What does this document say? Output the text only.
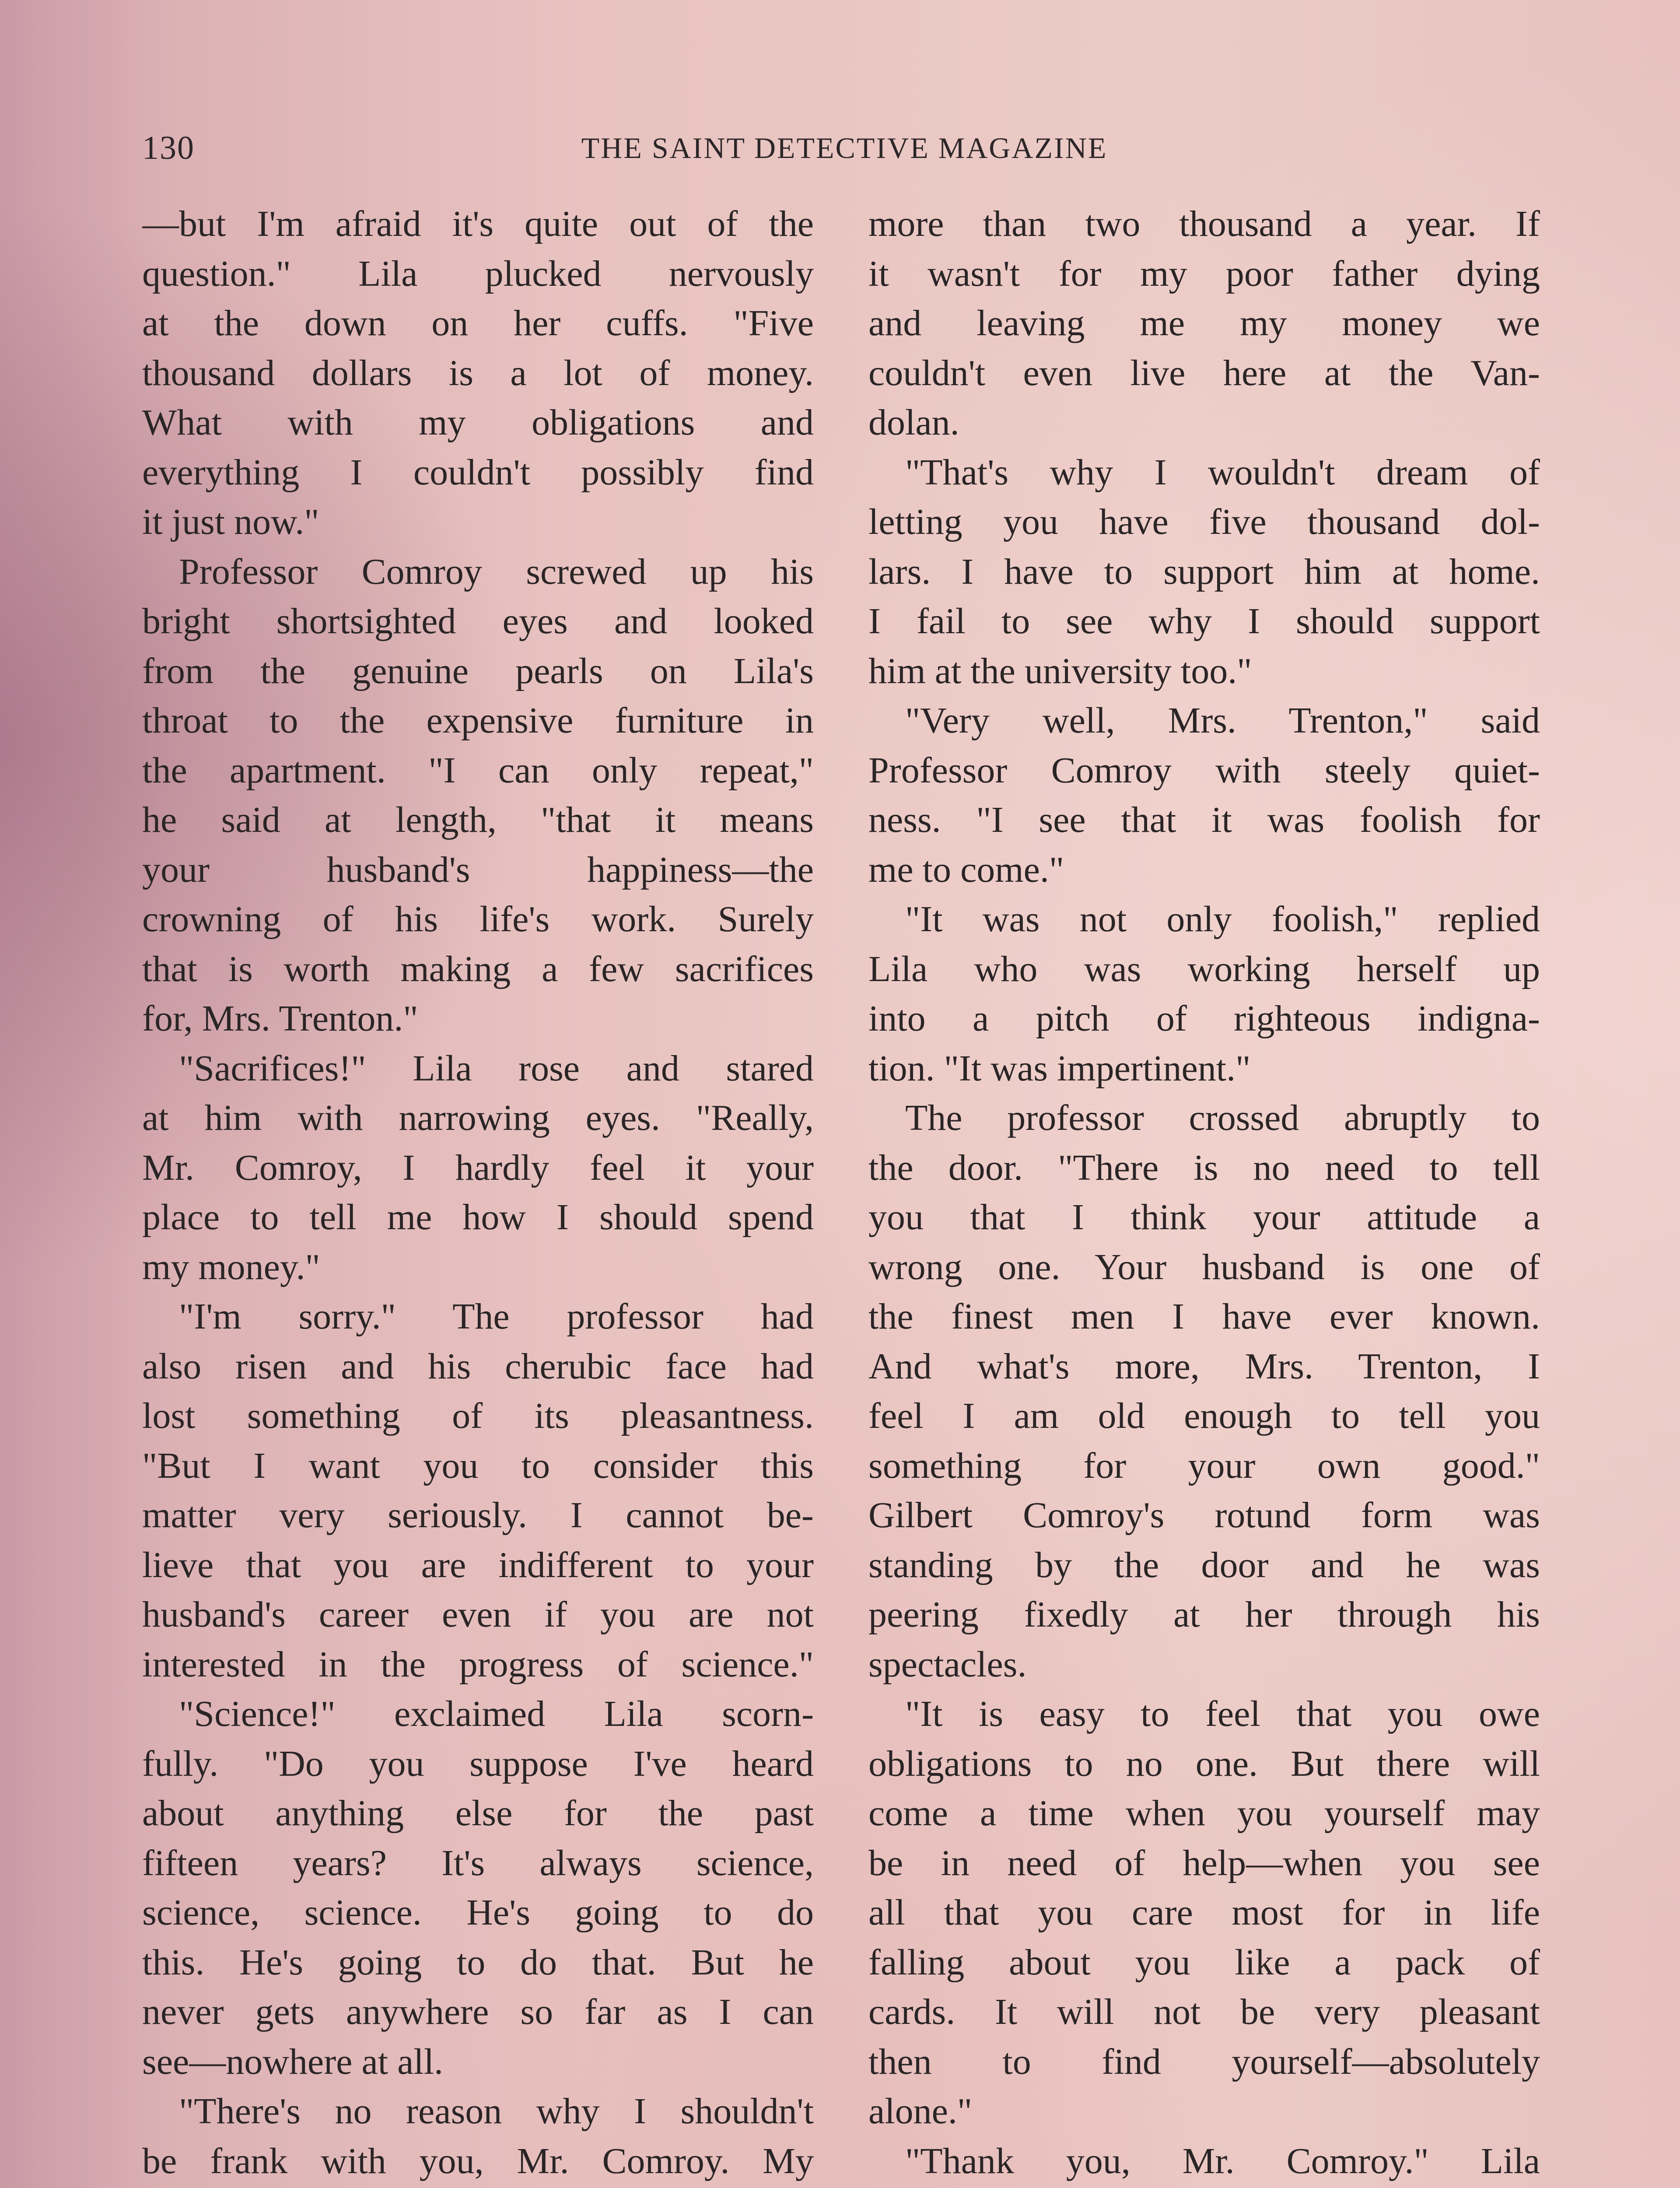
130	THE SAINT DETECTIVE MAGAZINE
—but I'm afraid it's quite out of the
question." Lila plucked nervously
at the down on her cuffs. "Five
thousand dollars is a lot of money.
What with my obligations and
everything I couldn't possibly find
it just now."
Professor Comroy screwed up his
bright shortsighted eyes and looked
from the genuine pearls on Lila's
throat to the expensive furniture in
the apartment. "I can only repeat,"
he said at length, "that it means
your husband's happiness—the
crowning of his life's work. Surely
that is worth making a few sacrifices
for, Mrs. Trenton."
"Sacrifices!" Lila rose and stared
at him with narrowing eyes. "Really,
Mr. Comroy, I hardly feel it your
place to tell me how I should spend
my money."
"I'm sorry." The professor had
also risen and his cherubic face had
lost something of its pleasantness.
"But I want you to consider this
matter very seriously. I cannot be-
lieve that you are indifferent to your
husband's career even if you are not
interested in the progress of science."
"Science!" exclaimed Lila scorn-
fully. "Do you suppose I've heard
about anything else for the past
fifteen years? It's always science,
science, science. He's going to do
this. He's going to do that. But he
never gets anywhere so far as I can
see—nowhere at all.
"There's no reason why I shouldn't
be frank with you, Mr. Comroy. My
more than two thousand a year. If
it wasn't for my poor father dying
and leaving me my money we
couldn't even live here at the Van-
dolan.
"That's why I wouldn't dream of
letting you have five thousand dol-
lars. I have to support him at home.
I fail to see why I should support
him at the university too."
"Very well, Mrs. Trenton," said
Professor Comroy with steely quiet-
ness. "I see that it was foolish for
me to come."
"It was not only foolish," replied
Lila who was working herself up
into a pitch of righteous indigna-
tion. "It was impertinent."
The professor crossed abruptly to
the door. "There is no need to tell
you that I think your attitude a
wrong one. Your husband is one of
the finest men I have ever known.
And what's more, Mrs. Trenton, I
feel I am old enough to tell you
something for your own good."
Gilbert Comroy's rotund form was
standing by the door and he was
peering fixedly at her through his
spectacles.
"It is easy to feel that you owe
obligations to no one. But there will
come a time when you yourself may
be in need of help—when you see
all that you care most for in life
falling about you like a pack of
cards. It will not be very pleasant
then to find yourself—absolutely
alone."
"Thank you, Mr. Comroy." Lila
